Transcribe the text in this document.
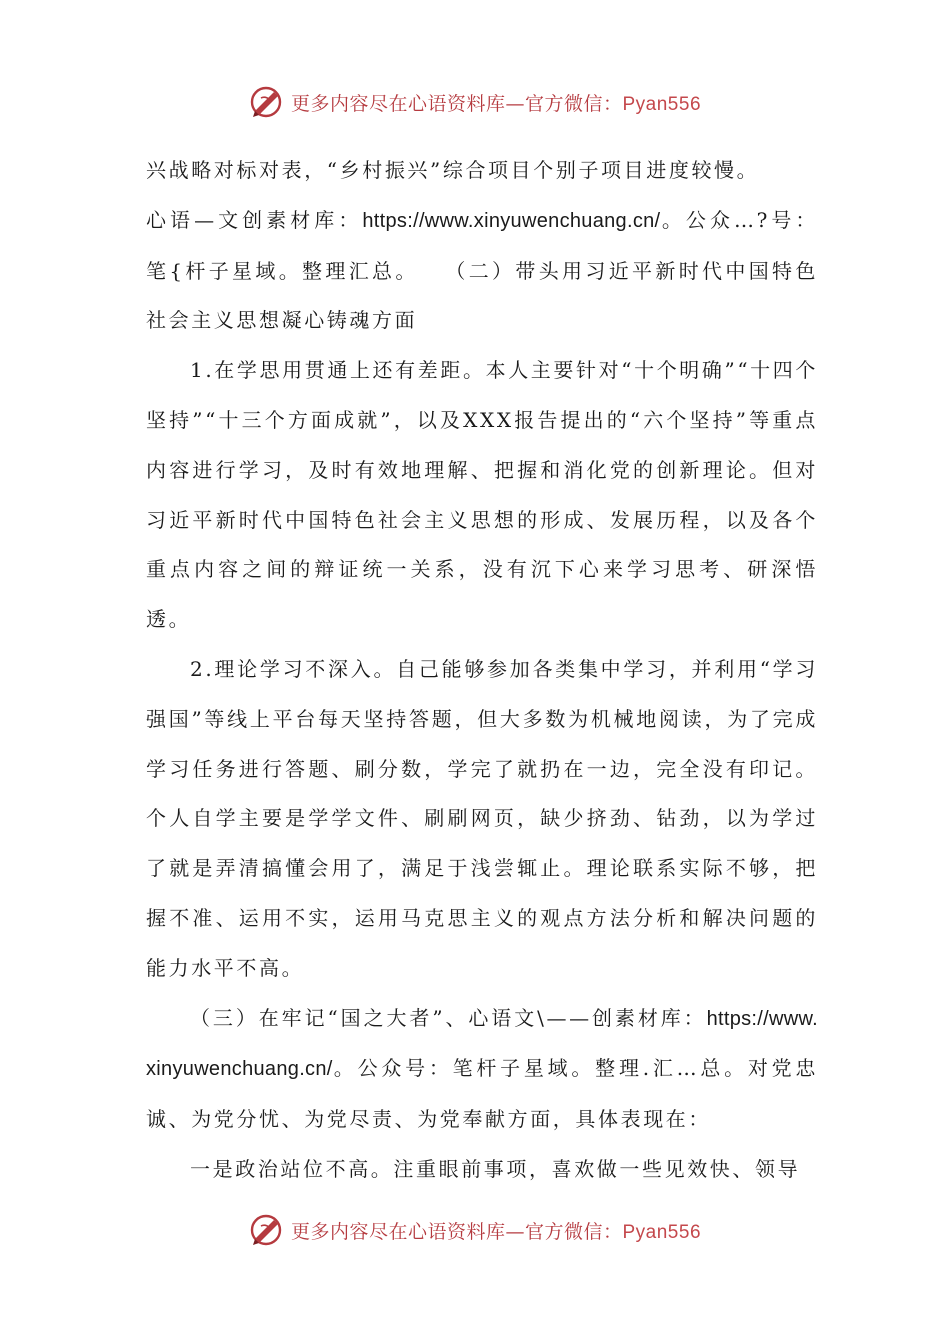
更多内容尽在心语资料库—官方微信：Pyan556

兴战略对标对表，“乡村振兴”综合项目个别子项目进度较慢。

心语—文创素材库：https://www.xinyuwenchuang.cn/。公众…?号：笔{杆子星域。整理汇总。　　（二）带头用习近平新时代中国特色社会主义思想凝心铸魂方面

1.在学思用贯通上还有差距。本人主要针对“十个明确”“十四个坚持”“十三个方面成就”，以及XXX报告提出的“六个坚持”等重点内容进行学习，及时有效地理解、把握和消化党的创新理论。但对习近平新时代中国特色社会主义思想的形成、发展历程，以及各个重点内容之间的辩证统一关系，没有沉下心来学习思考、研深悟透。

2.理论学习不深入。自己能够参加各类集中学习，并利用“学习强国”等线上平台每天坚持答题，但大多数为机械地阅读，为了完成学习任务进行答题、刷分数，学完了就扔在一边，完全没有印记。个人自学主要是学学文件、刷刷网页，缺少挤劲、钻劲，以为学过了就是弄清搞懂会用了，满足于浅尝辄止。理论联系实际不够，把握不准、运用不实，运用马克思主义的观点方法分析和解决问题的能力水平不高。

（三）在牢记“国之大者”、心语文\——创素材库：https://www.xinyuwenchuang.cn/。公众号：笔杆子星域。整理.汇…总。对党忠诚、为党分忧、为党尽责、为党奉献方面，具体表现在：

一是政治站位不高。注重眼前事项，喜欢做一些见效快、领导

更多内容尽在心语资料库—官方微信：Pyan556
